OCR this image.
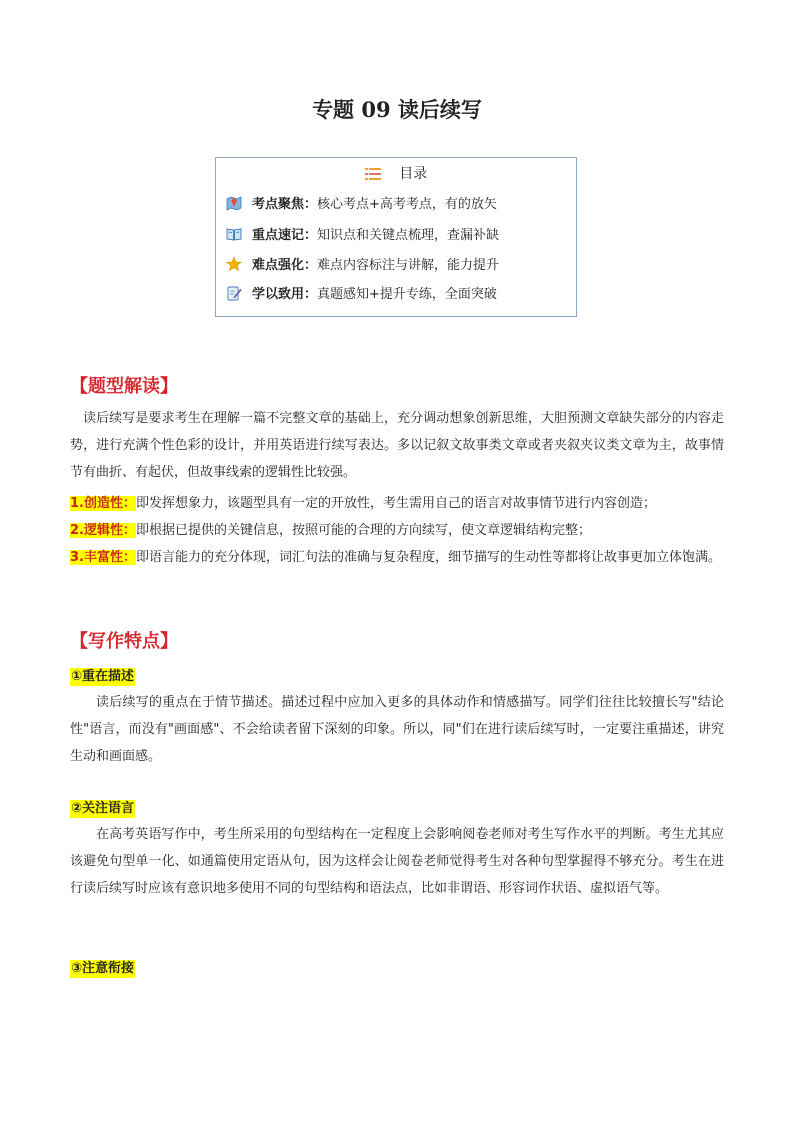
专题 09 读后续写
目录
考点聚焦：核心考点+高考考点，有的放矢
重点速记：知识点和关键点梳理，查漏补缺
难点强化：难点内容标注与讲解，能力提升
学以致用：真题感知+提升专练，全面突破
【题型解读】
读后续写是要求考生在理解一篇不完整文章的基础上，充分调动想象创新思维，大胆预测文章缺失部分的内容走势，进行充满个性色彩的设计，并用英语进行续写表达。多以记叙文故事类文章或者夹叙夹议类文章为主，故事情节有曲折、有起伏，但故事线索的逻辑性比较强。
1.创造性：即发挥想象力，该题型具有一定的开放性，考生需用自己的语言对故事情节进行内容创造；
2.逻辑性：即根据已提供的关键信息，按照可能的合理的方向续写，使文章逻辑结构完整；
3.丰富性：即语言能力的充分体现，词汇句法的准确与复杂程度，细节描写的生动性等都将让故事更加立体饱满。
【写作特点】
①重在描述
读后续写的重点在于情节描述。描述过程中应加入更多的具体动作和情感描写。同学们往往比较擅长写"结论性"语言，而没有"画面感"、不会给读者留下深刻的印象。所以，同"们在进行读后续写时，一定要注重描述，讲究生动和画面感。
②关注语言
在高考英语写作中，考生所采用的句型结构在一定程度上会影响阅卷老师对考生写作水平的判断。考生尤其应该避免句型单一化、如通篇使用定语从句，因为这样会让阅卷老师觉得考生对各种句型掌握得不够充分。考生在进行读后续写时应该有意识地多使用不同的句型结构和语法点，比如非谓语、形容词作状语、虚拟语气等。
③注意衔接
